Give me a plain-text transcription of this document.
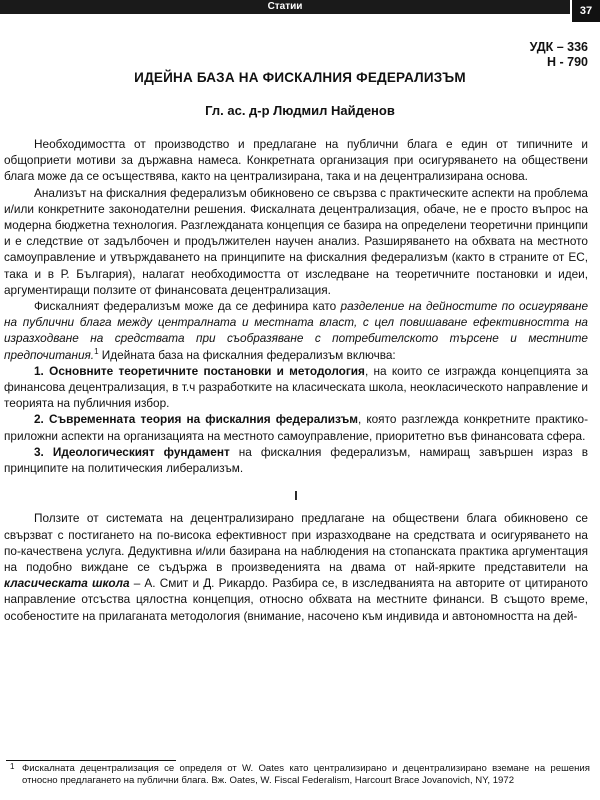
Статии	37
УДК – 336
Н - 790
ИДЕЙНА БАЗА НА ФИСКАЛНИЯ ФЕДЕРАЛИЗЪМ
Гл. ас. д-р Людмил Найденов

Необходимостта от производство и предлагане на публични блага е един от типичните и общоприети мотиви за държавна намеса. Конкретната организация при осигуряването на обществени блага може да се осъществява, както на централизирана, така и на децентрализирана основа.

Анализът на фискалния федерализъм обикновено се свързва с практическите аспекти на проблема и/или конкретните законодателни решения. Фискалната децентрализация, обаче, не е просто въпрос на модерна бюджетна технология. Разглежданата концепция се базира на определени теоретични принципи и е следствие от задълбочен и продължителен научен анализ. Разширяването на обхвата на местното самоуправление и утвърждаването на принципите на фискалния федерализъм (както в страните от ЕС, така и в Р. България), налагат необходимостта от изследване на теоретичните постановки и идеи, аргументиращи ползите от финансовата децентрализация.

Фискалният федерализъм може да се дефинира като разделение на дейностите по осигуряване на публични блага между централната и местната власт, с цел повишаване ефективността на изразходване на средствата при съобразяване с потребителското търсене и местните предпочитания.$^1$ Идейната база на фискалния федерализъм включва:

1. Основните теоретичните постановки и методология, на които се изгражда концепцията за финансова децентрализация, в т.ч разработките на класическата школа, неокласическото направление и теорията на публичния избор.

2. Съвременната теория на фискалния федерализъм, която разглежда конкретните практико-приложни аспекти на организацията на местното самоуправление, приоритетно във финансовата сфера.

3. Идеологическият фундамент на фискалния федерализъм, намиращ завършен израз в принципите на политическия либерализъм.

I

Ползите от системата на децентрализирано предлагане на обществени блага обикновено се свързват с постигането на по-висока ефективност при изразходване на средствата и осигуряването на по-качествена услуга. Дедуктивна и/или базирана на наблюдения на стопанската практика аргументация на подобно виждане се съдържа в произведенията на двама от най-ярките представители на класическата школа – А. Смит и Д. Рикардо. Разбира се, в изследванията на авторите от цитираното направление отсъства цялостна концепция, относно обхвата на местните финанси. В същото време, особеностите на прилаганата методология (внимание, насочено към индивида и автономността на дей-

1 Фискалната децентрализация се определя от W. Oates като централизирано и децентрализирано вземане на решения относно предлагането на публични блага. Вж. Oates, W. Fiscal Federalism, Harcourt Brace Jovanovich, NY, 1972
